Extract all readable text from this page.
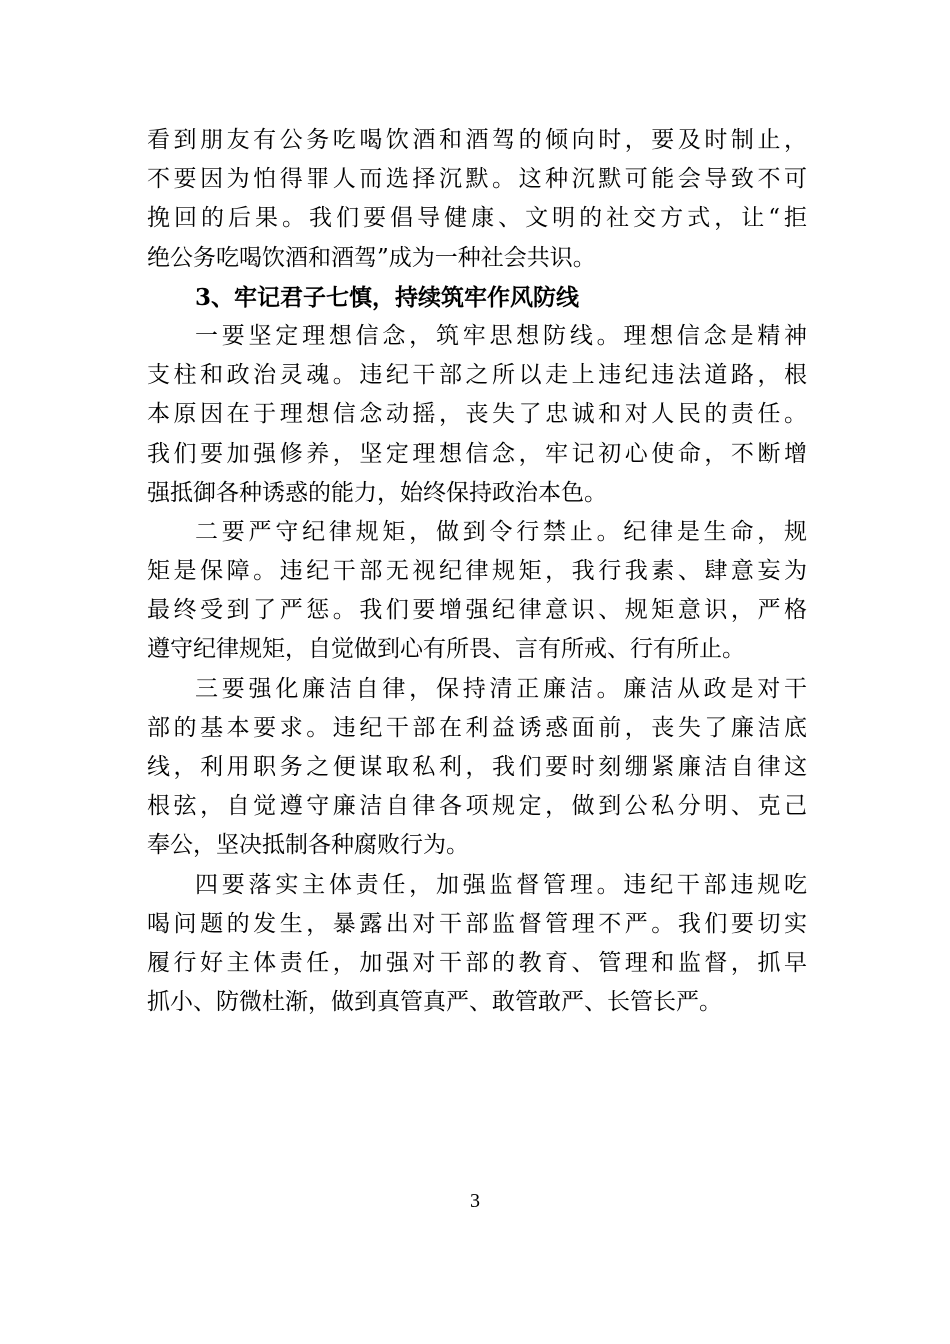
看到朋友有公务吃喝饮酒和酒驾的倾向时，要及时制止，
不要因为怕得罪人而选择沉默。这种沉默可能会导致不可
挽回的后果。我们要倡导健康、文明的社交方式，让“拒
绝公务吃喝饮酒和酒驾”成为一种社会共识。
3、牢记君子七慎，持续筑牢作风防线
一要坚定理想信念，筑牢思想防线。理想信念是精神
支柱和政治灵魂。违纪干部之所以走上违纪违法道路，根
本原因在于理想信念动摇，丧失了忠诚和对人民的责任。
我们要加强修养，坚定理想信念，牢记初心使命，不断增
强抵御各种诱惑的能力，始终保持政治本色。
二要严守纪律规矩，做到令行禁止。纪律是生命，规
矩是保障。违纪干部无视纪律规矩，我行我素、肆意妄为
最终受到了严惩。我们要增强纪律意识、规矩意识，严格
遵守纪律规矩，自觉做到心有所畏、言有所戒、行有所止。
三要强化廉洁自律，保持清正廉洁。廉洁从政是对干
部的基本要求。违纪干部在利益诱惑面前，丧失了廉洁底
线，利用职务之便谋取私利，我们要时刻绷紧廉洁自律这
根弦，自觉遵守廉洁自律各项规定，做到公私分明、克己
奉公，坚决抵制各种腐败行为。
四要落实主体责任，加强监督管理。违纪干部违规吃
喝问题的发生，暴露出对干部监督管理不严。我们要切实
履行好主体责任，加强对干部的教育、管理和监督，抓早
抓小、防微杜渐，做到真管真严、敢管敢严、长管长严。
3
